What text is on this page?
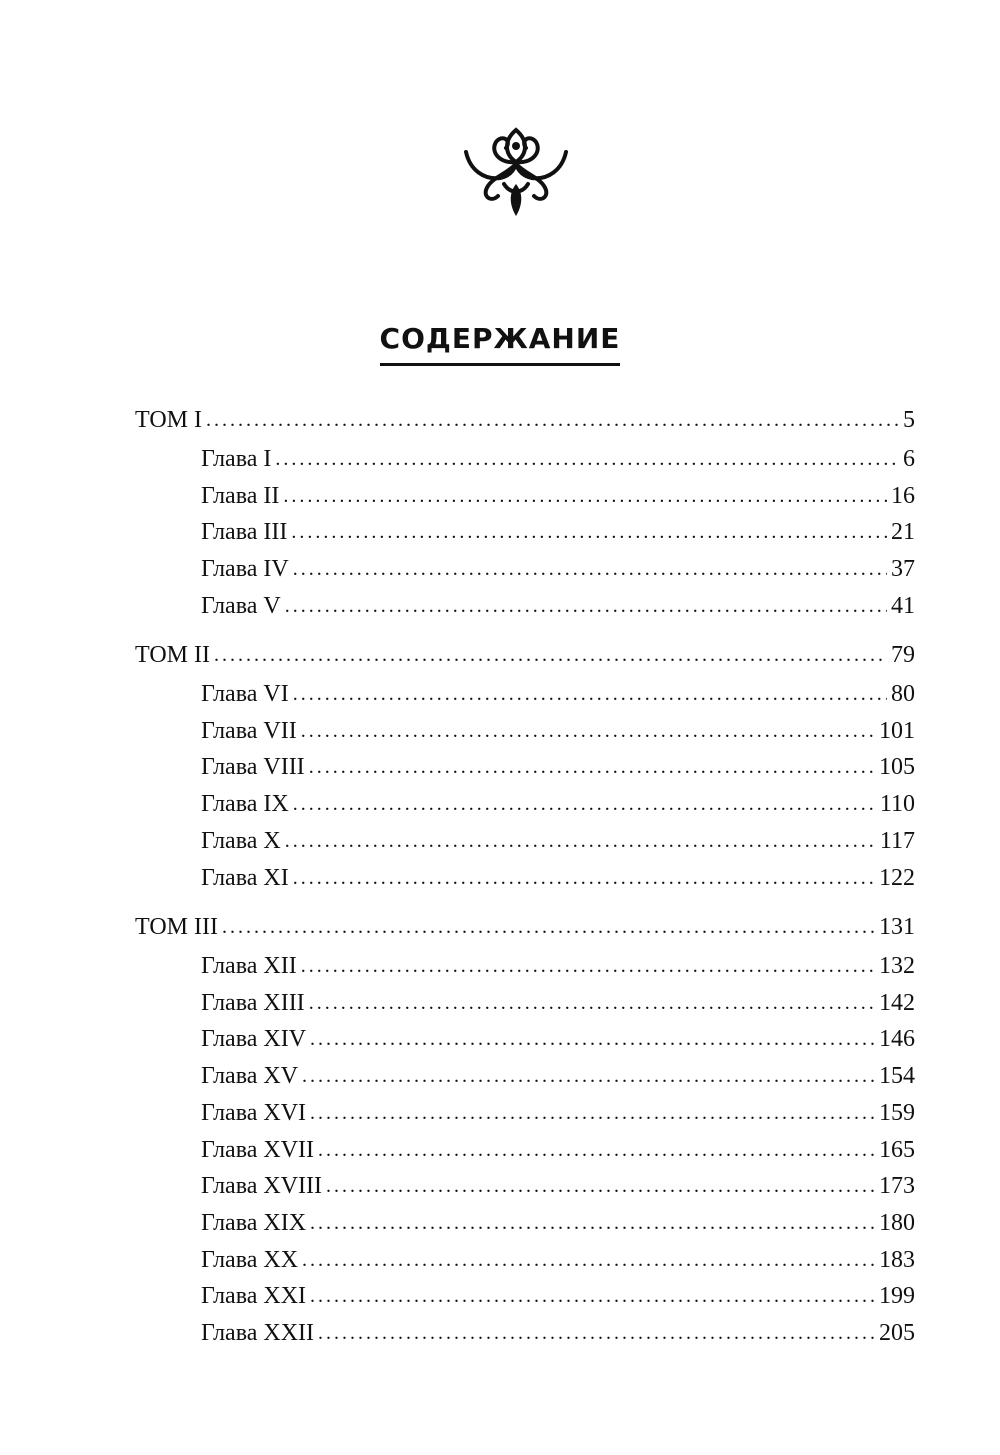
СОДЕРЖАНИЕ
ТОМ I . . .	5
Глава I . . .	6
Глава II . . .	16
Глава III . . .	21
Глава IV . . .	37
Глава V . . .	41
ТОМ II . . .	79
Глава VI . . .	80
Глава VII . . .	101
Глава VIII . . .	105
Глава IX . . .	110
Глава X . . .	117
Глава XI . . .	122
ТОМ III . . .	131
Глава XII . . .	132
Глава XIII . . .	142
Глава XIV . . .	146
Глава XV . . .	154
Глава XVI . . .	159
Глава XVII . . .	165
Глава XVIII . . .	173
Глава XIX . . .	180
Глава XX . . .	183
Глава XXI . . .	199
Глава XXII . . .	205
